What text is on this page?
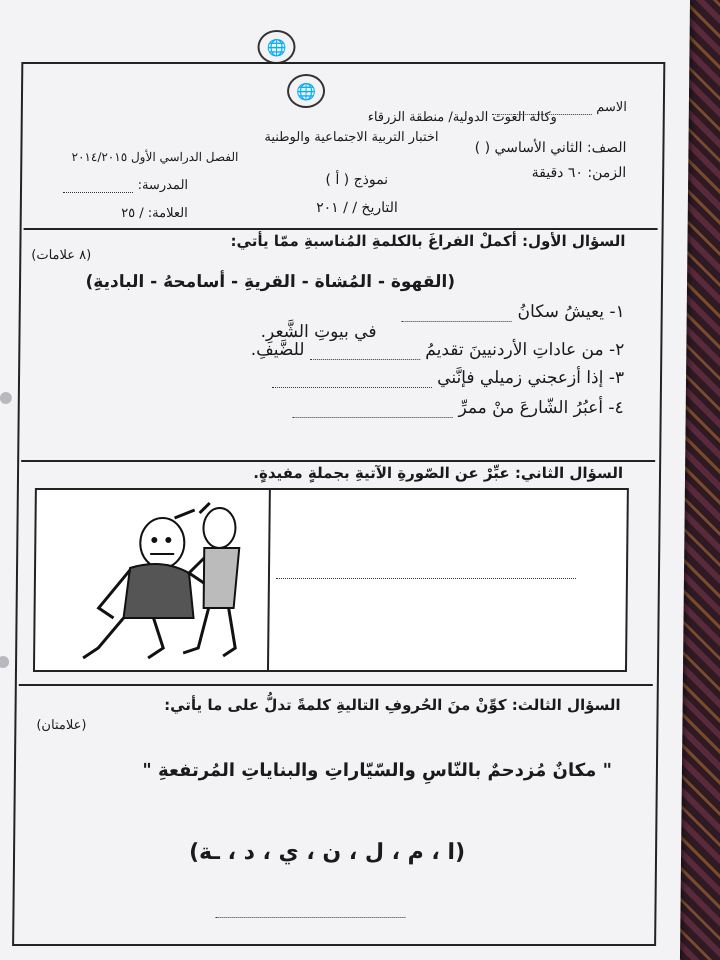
🌐
🌐
وكالة الغوث الدولية/ منطقة الزرقاء
اختبار التربية الاجتماعية والوطنية
الفصل الدراسي الأول ٢٠١٤/٢٠١٥
الاسم
الصف: الثاني الأساسي ( )
الزمن: ٦٠ دقيقة
نموذج ( أ )
المدرسة:
التاريخ / / ٢٠١
العلامة: / ٢٥
السؤال الأول: أكملْ الفراغَ بالكلمةِ المُناسبةِ ممّا يأتي:
(٨ علامات)
(القهوة - المُشاة - القريةِ - أسامحهُ - الباديةِ)
١- يعيشُ سكانُ
في بيوتِ الشَّعرِ.
٢- من عاداتِ الأردنيينَ تقديمُ  للضَّيفِ.
٣- إذا أزعجني زميلي فإنَّني
٤- أعبُرُ الشّارعَ منْ ممرِّ
السؤال الثاني: عبِّرْ عن الصّورةِ الآتيةِ بجملةٍ مفيدةٍ.
السؤال الثالث: كوِّنْ منَ الحُروفِ التاليةِ كلمةً تدلُّ على ما يأتي:
(علامتان)
" مكانٌ مُزدحمٌ بالنّاسِ والسّيّاراتِ والبناياتِ المُرتفعةِ "
(ا ، م ، ل ، ن ، ي ، د ، ـة)
